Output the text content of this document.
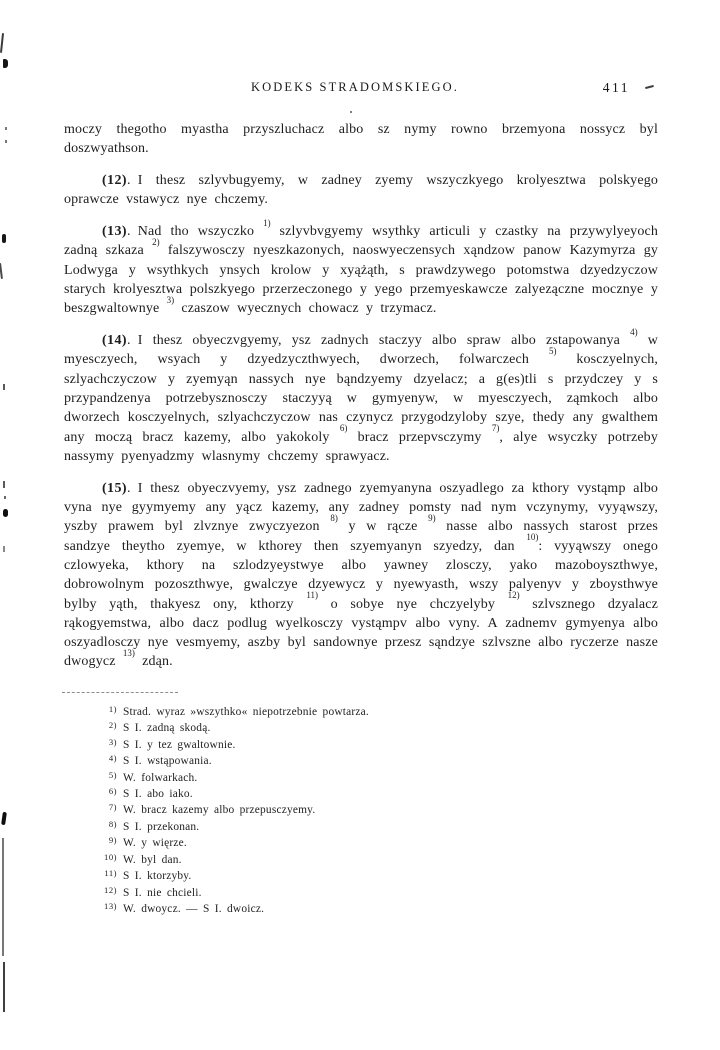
KODEKS STRADOMSKIEGO.	411

moczy thegotho myastha przyszluchacz albo sz nymy rowno brzemyona nossycz byl doszwyathson.

(12). I thesz szlyvbugyemy, w zadney zyemy wszyczkyego krolyesztwa polskyego oprawcze vstawycz nye chczemy.

(13). Nad tho wszyczko $^{1)}$ szlyvbvgyemy wsythky articuli y czastky na przywylyeyoch zadną szkaza $^{2)}$ falszywosczy nyeszkazonych, naoswyeczensych xąndzow panow Kazymyrza gy Lodwyga y wsythkych ynsych krolow y xyążąth, s prawdzywego potomstwa dzyedzyczow starych krolyesztwa polszkyego przerzeczonego y yego przemyeskawcze zalyezączne mocznye y beszgwaltownye $^{3)}$ czaszow wyecznych chowacz y trzymacz.

(14). I thesz obyeczvgyemy, ysz zadnych staczyy albo spraw albo zstapowanya $^{4)}$ w myesczyech, wsyach y dzyedzyczthwyech, dworzech, folwarczech $^{5)}$ kosczyelnych, szlyachczyczow y zyemyąn nassych nye bąndzyemy dzyelacz; a g(es)tli s przydczey y s przypandzenya potrzebysznosczy staczyyą w gymyenyw, w myesczyech, ząmkoch albo dworzech kosczyelnych, szlyachczyczow nas czynycz przygodzyloby szye, thedy any gwalthem any moczą bracz kazemy, albo yakokoly $^{6)}$ bracz przepvsczymy $^{7)}$, alye wsyczky potrzeby nassymy pyenyadzmy wlasnymy chczemy sprawyacz.

(15). I thesz obyeczvyemy, ysz zadnego zyemyanyna oszyadlego za kthory vystąmp albo vyna nye gyymyemy any yącz kazemy, any zadney pomsty nad nym vczynymy, vyyąwszy, yszby prawem byl zlvznye zwyczyezon $^{8)}$ y w rącze $^{9)}$ nasse albo nassych starost przes sandzye theytho zyemye, w kthorey then szyemyanyn szyedzy, dan $^{10)}$: vyyąwszy onego czlowyeka, kthory na szlodzyeystwye albo yawney zlosczy, yako mazoboyszthwye, dobrowolnym pozoszthwye, gwalczye dzyewycz y nyewyasth, wszy palyenyv y zboysthwye bylby yąth, thakyesz ony, kthorzy $^{11)}$ o sobye nye chczyelyby $^{12)}$ szlvsznego dzyalacz rąkogyemstwa, albo dacz podlug wyelkosczy vystąmpv albo vyny. A zadnemv gymyenya albo oszyadlosczy nye vesmyemy, aszby byl sandownye przesz sąndzye szlvszne albo ryczerze nasze dwogycz $^{13)}$ zdąn.

1) Strad. wyraz »wszythko« niepotrzebnie powtarza.
2) S I. zadną skodą.
3) S I. y tez gwaltownie.
4) S I. wstąpowania.
5) W. folwarkach.
6) S I. abo iako.
7) W. bracz kazemy albo przepusczyemy.
8) S I. przekonan.
9) W. y więrze.
10) W. byl dan.
11) S I. ktorzyby.
12) S I. nie chcieli.
13) W. dwoycz. — S I. dwoicz.
